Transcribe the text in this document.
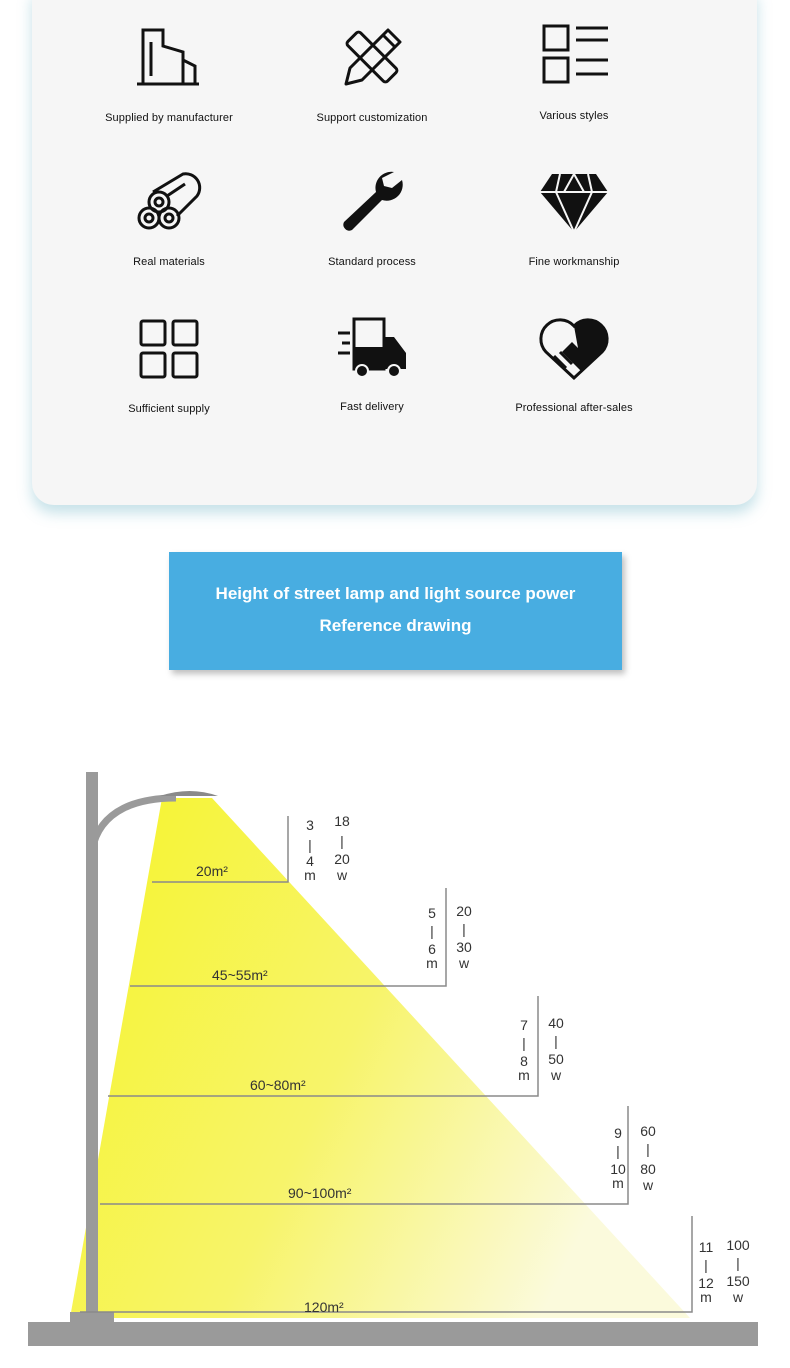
Supplied by manufacturer	Support customization	Various styles
Real materials	Standard process	Fine workmanship
Sufficient supply	Fast delivery	Professional after-sales
Height of street lamp and light source power
Reference drawing
20m²
3
|
4
m
18
|
20
w
45~55m²
5
|
6
m
20
|
30
w
60~80m²
7
|
8
m
40
|
50
w
90~100m²
9
|
10
m
60
|
80
w
120m²
11
|
12
m
100
|
150
w
